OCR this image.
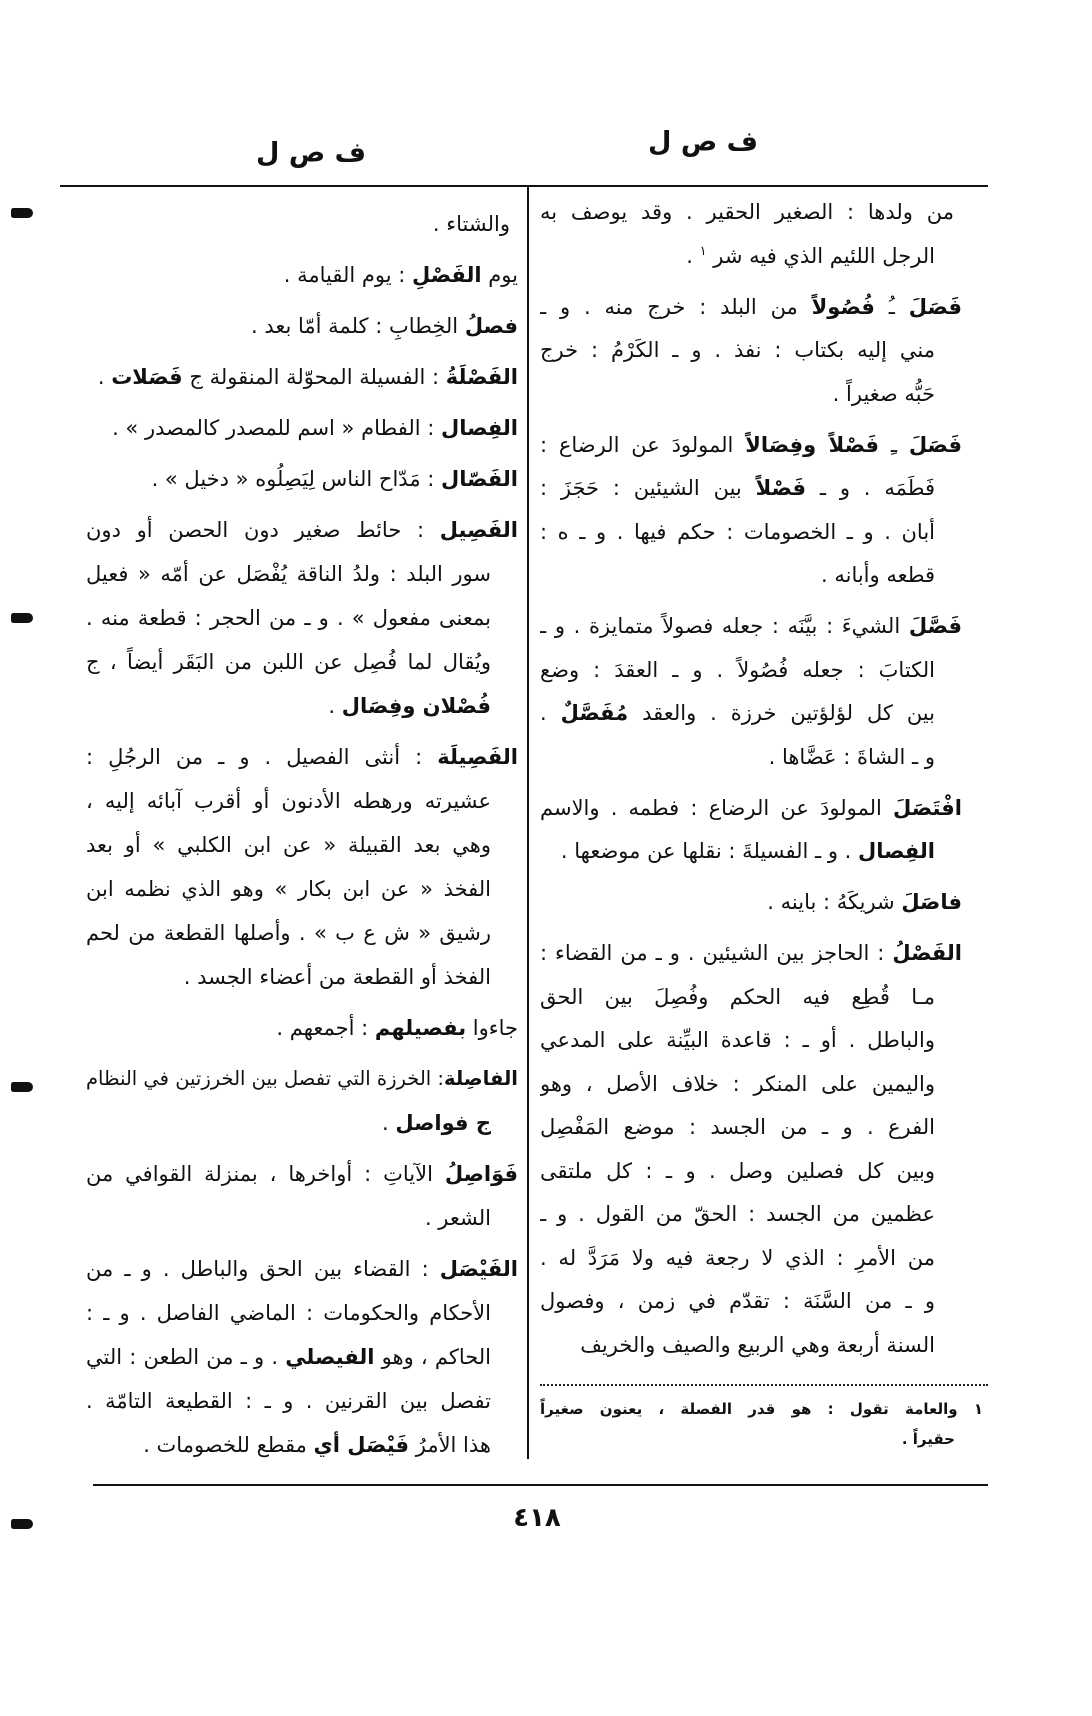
ف ص ل
ف ص ل
من ولدها : الصغير الحقير . وقد يوصف به
الرجل اللئيم الذي فيه شر $^١$ .
فَصَلَ ـُ فُصُولاً من البلد : خرج منه . و ـ
مني إليه بكتاب : نفذ . و ـ الكَرْمُ : خرج
حَبُّه صغيراً .
فَصَلَ ـِ فَصْلاً وفِصَالاً المولودَ عن الرضاع :
فَطَمَه . و ـ فَصْلاً بين الشيئين : حَجَزَ :
أبان . و ـ الخصومات : حكم فيها . و ـ ه :
قطعه وأبانه .
فَصَّلَ الشيءَ : بيَّنَه : جعله فصولاً متمايزة . و ـ
الكتابَ : جعله فُصُولاً . و ـ العقدَ : وضع
بين كل لؤلؤتين خرزة . والعقد مُفَصَّلٌ .
و ـ الشاةَ : عَضَّاها .
افْتَصَلَ المولودَ عن الرضاع : فطمه . والاسم
الفِصال . و ـ الفسيلةَ : نقلها عن موضعها .
فاصَلَ شريكَهُ : باينه .
الفَصْلُ : الحاجز بين الشيئين . و ـ من القضاء :
مـا قُطِع فيه الحكم وفُصِلَ بين الحق
والباطل . أو ـ : قاعدة البيِّنة على المدعي
واليمين على المنكر : خلاف الأصل ، وهو
الفرع . و ـ من الجسد : موضع المَفْصِل
وبين كل فصلين وصل . و ـ : كل ملتقى
عظمين من الجسد : الحقّ من القول . و ـ
من الأمرِ : الذي لا رجعة فيه ولا مَرَدَّ له .
و ـ من السَّنَة : تقدّم في زمن ، وفصول
السنة أربعة وهي الربيع والصيف والخريف
والشتاء .
يوم الفَصْلِ : يوم القيامة .
فصلُ الخِطابِ : كلمة أمّا بعد .
الفَصْلَةُ : الفسيلة المحوّلة المنقولة ج فَصَلات .
الفِصال : الفطام « اسم للمصدر كالمصدر » .
الفَصّال : مَدّاح الناس لِيَصِلُوه « دخيل » .
الفَصِيل : حائط صغير دون الحصن أو دون
سور البلد : ولدُ الناقة يُفْصَل عن أمّه « فعيل
بمعنى مفعول » . و ـ من الحجر : قطعة منه .
ويُقال لما فُصِل عن اللبن من البَقَر أيضاً ، ج
فُصْلان وفِصَال .
الفَصِيلَة : أنثى الفصيل . و ـ من الرجُلِ :
عشيرته ورهطه الأدنون أو أقرب آبائه إليه ،
وهي بعد القبيلة « عن ابن الكلبي » أو بعد
الفخذ « عن ابن بكار » وهو الذي نظمه ابن
رشيق « ش ع ب » . وأصلها القطعة من لحم
الفخذ أو القطعة من أعضاء الجسد .
جاءوا بفصيلهم : أجمعهم .
الفاصِلة: الخرزة التي تفصل بين الخرزتين في النظام
ج فواصل .
فَوَاصِلُ الآياتِ : أواخرها ، بمنزلة القوافي من
الشعر .
الفَيْصَل : القضاء بين الحق والباطل . و ـ من
الأحكام والحكومات : الماضي الفاصل . و ـ :
الحاكم ، وهو الفيصلي . و ـ من الطعن : التي
تفصل بين القرنين . و ـ : القطيعة التامّة .
هذا الأمرُ فَيْصَل أي مقطع للخصومات .
١ والعامة تقول : هو قدر الفصلة ، يعنون صغيراً
حقيراً .
٤١٨
